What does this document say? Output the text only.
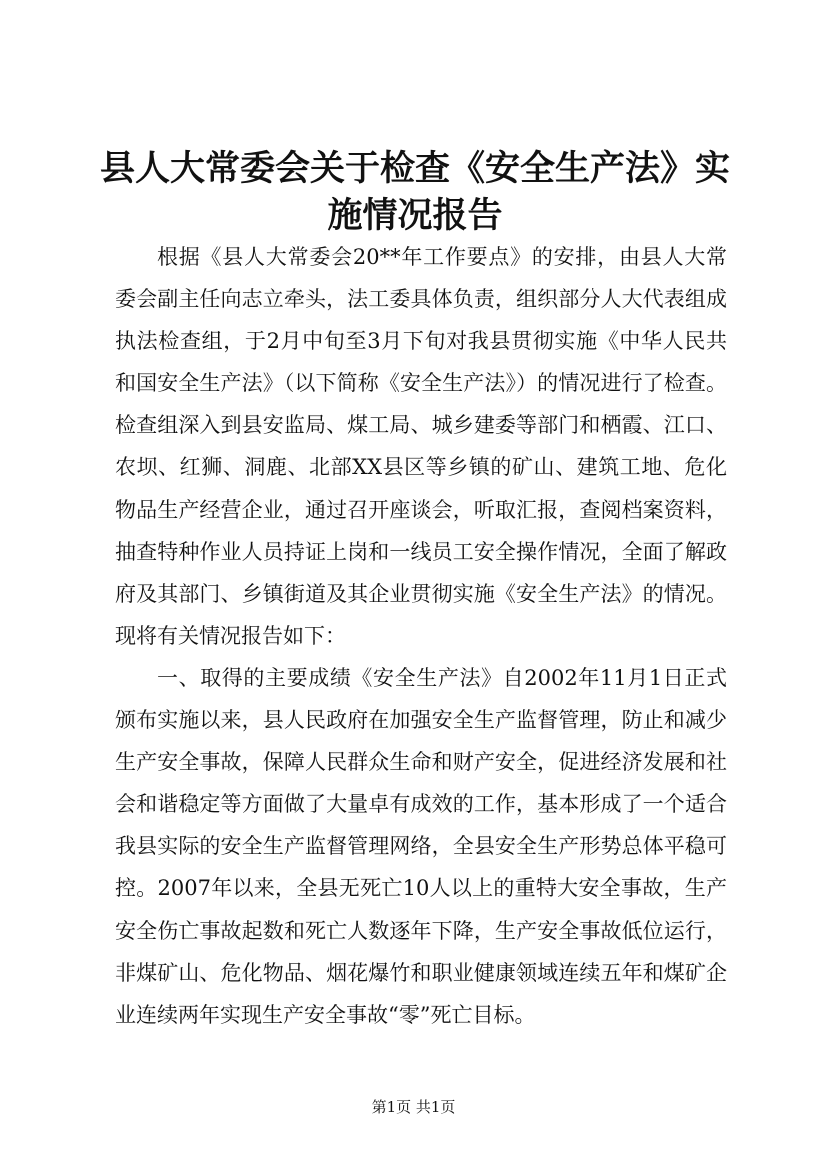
县人大常委会关于检查《安全生产法》实施情况报告

根据《县人大常委会20**年工作要点》的安排，由县人大常委会副主任向志立牵头，法工委具体负责，组织部分人大代表组成执法检查组，于2月中旬至3月下旬对我县贯彻实施《中华人民共和国安全生产法》（以下简称《安全生产法》）的情况进行了检查。检查组深入到县安监局、煤工局、城乡建委等部门和栖霞、江口、农坝、红狮、洞鹿、北部XX县区等乡镇的矿山、建筑工地、危化物品生产经营企业，通过召开座谈会，听取汇报，查阅档案资料，抽查特种作业人员持证上岗和一线员工安全操作情况，全面了解政府及其部门、乡镇街道及其企业贯彻实施《安全生产法》的情况。现将有关情况报告如下：

一、取得的主要成绩《安全生产法》自2002年11月1日正式颁布实施以来，县人民政府在加强安全生产监督管理，防止和减少生产安全事故，保障人民群众生命和财产安全，促进经济发展和社会和谐稳定等方面做了大量卓有成效的工作，基本形成了一个适合我县实际的安全生产监督管理网络，全县安全生产形势总体平稳可控。2007年以来，全县无死亡10人以上的重特大安全事故，生产安全伤亡事故起数和死亡人数逐年下降，生产安全事故低位运行，非煤矿山、危化物品、烟花爆竹和职业健康领域连续五年和煤矿企业连续两年实现生产安全事故“零”死亡目标。

第1页 共1页
